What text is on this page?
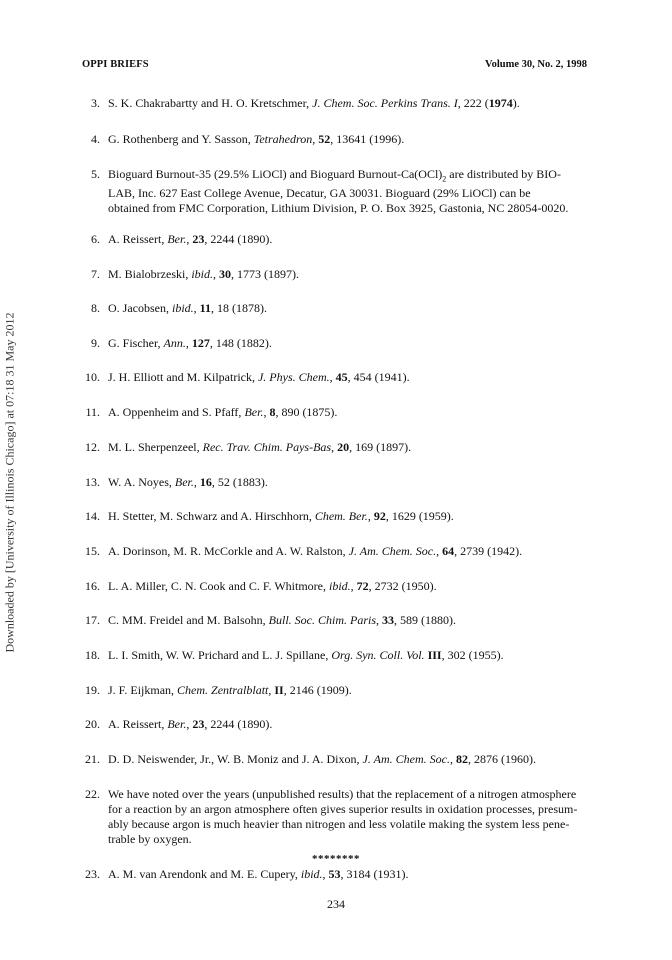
OPPI BRIEFS	Volume 30, No. 2, 1998
Downloaded by [University of Illinois Chicago] at 07:18 31 May 2012
3. S. K. Chakrabartty and H. O. Kretschmer, J. Chem. Soc. Perkins Trans. I, 222 (1974).
4. G. Rothenberg and Y. Sasson, Tetrahedron, 52, 13641 (1996).
5. Bioguard Burnout-35 (29.5% LiOCl) and Bioguard Burnout-$Ca(OCl)_2$ are distributed by BIO-
LAB, Inc. 627 East College Avenue, Decatur, GA 30031. Bioguard (29% LiOCl) can be
obtained from FMC Corporation, Lithium Division, P. O. Box 3925, Gastonia, NC 28054-0020.
6. A. Reissert, Ber., 23, 2244 (1890).
7. M. Bialobrzeski, ibid., 30, 1773 (1897).
8. O. Jacobsen, ibid., 11, 18 (1878).
9. G. Fischer, Ann., 127, 148 (1882).
10. J. H. Elliott and M. Kilpatrick, J. Phys. Chem., 45, 454 (1941).
11. A. Oppenheim and S. Pfaff, Ber., 8, 890 (1875).
12. M. L. Sherpenzeel, Rec. Trav. Chim. Pays-Bas, 20, 169 (1897).
13. W. A. Noyes, Ber., 16, 52 (1883).
14. H. Stetter, M. Schwarz and A. Hirschhorn, Chem. Ber., 92, 1629 (1959).
15. A. Dorinson, M. R. McCorkle and A. W. Ralston, J. Am. Chem. Soc., 64, 2739 (1942).
16. L. A. Miller, C. N. Cook and C. F. Whitmore, ibid., 72, 2732 (1950).
17. C. MM. Freidel and M. Balsohn, Bull. Soc. Chim. Paris, 33, 589 (1880).
18. L. I. Smith, W. W. Prichard and L. J. Spillane, Org. Syn. Coll. Vol. III, 302 (1955).
19. J. F. Eijkman, Chem. Zentralblatt, II, 2146 (1909).
20. A. Reissert, Ber., 23, 2244 (1890).
21. D. D. Neiswender, Jr., W. B. Moniz and J. A. Dixon, J. Am. Chem. Soc., 82, 2876 (1960).
22. We have noted over the years (unpublished results) that the replacement of a nitrogen atmosphere
for a reaction by an argon atmosphere often gives superior results in oxidation processes, presum-
ably because argon is much heavier than nitrogen and less volatile making the system less pene-
trable by oxygen.
23. A. M. van Arendonk and M. E. Cupery, ibid., 53, 3184 (1931).
********
234
